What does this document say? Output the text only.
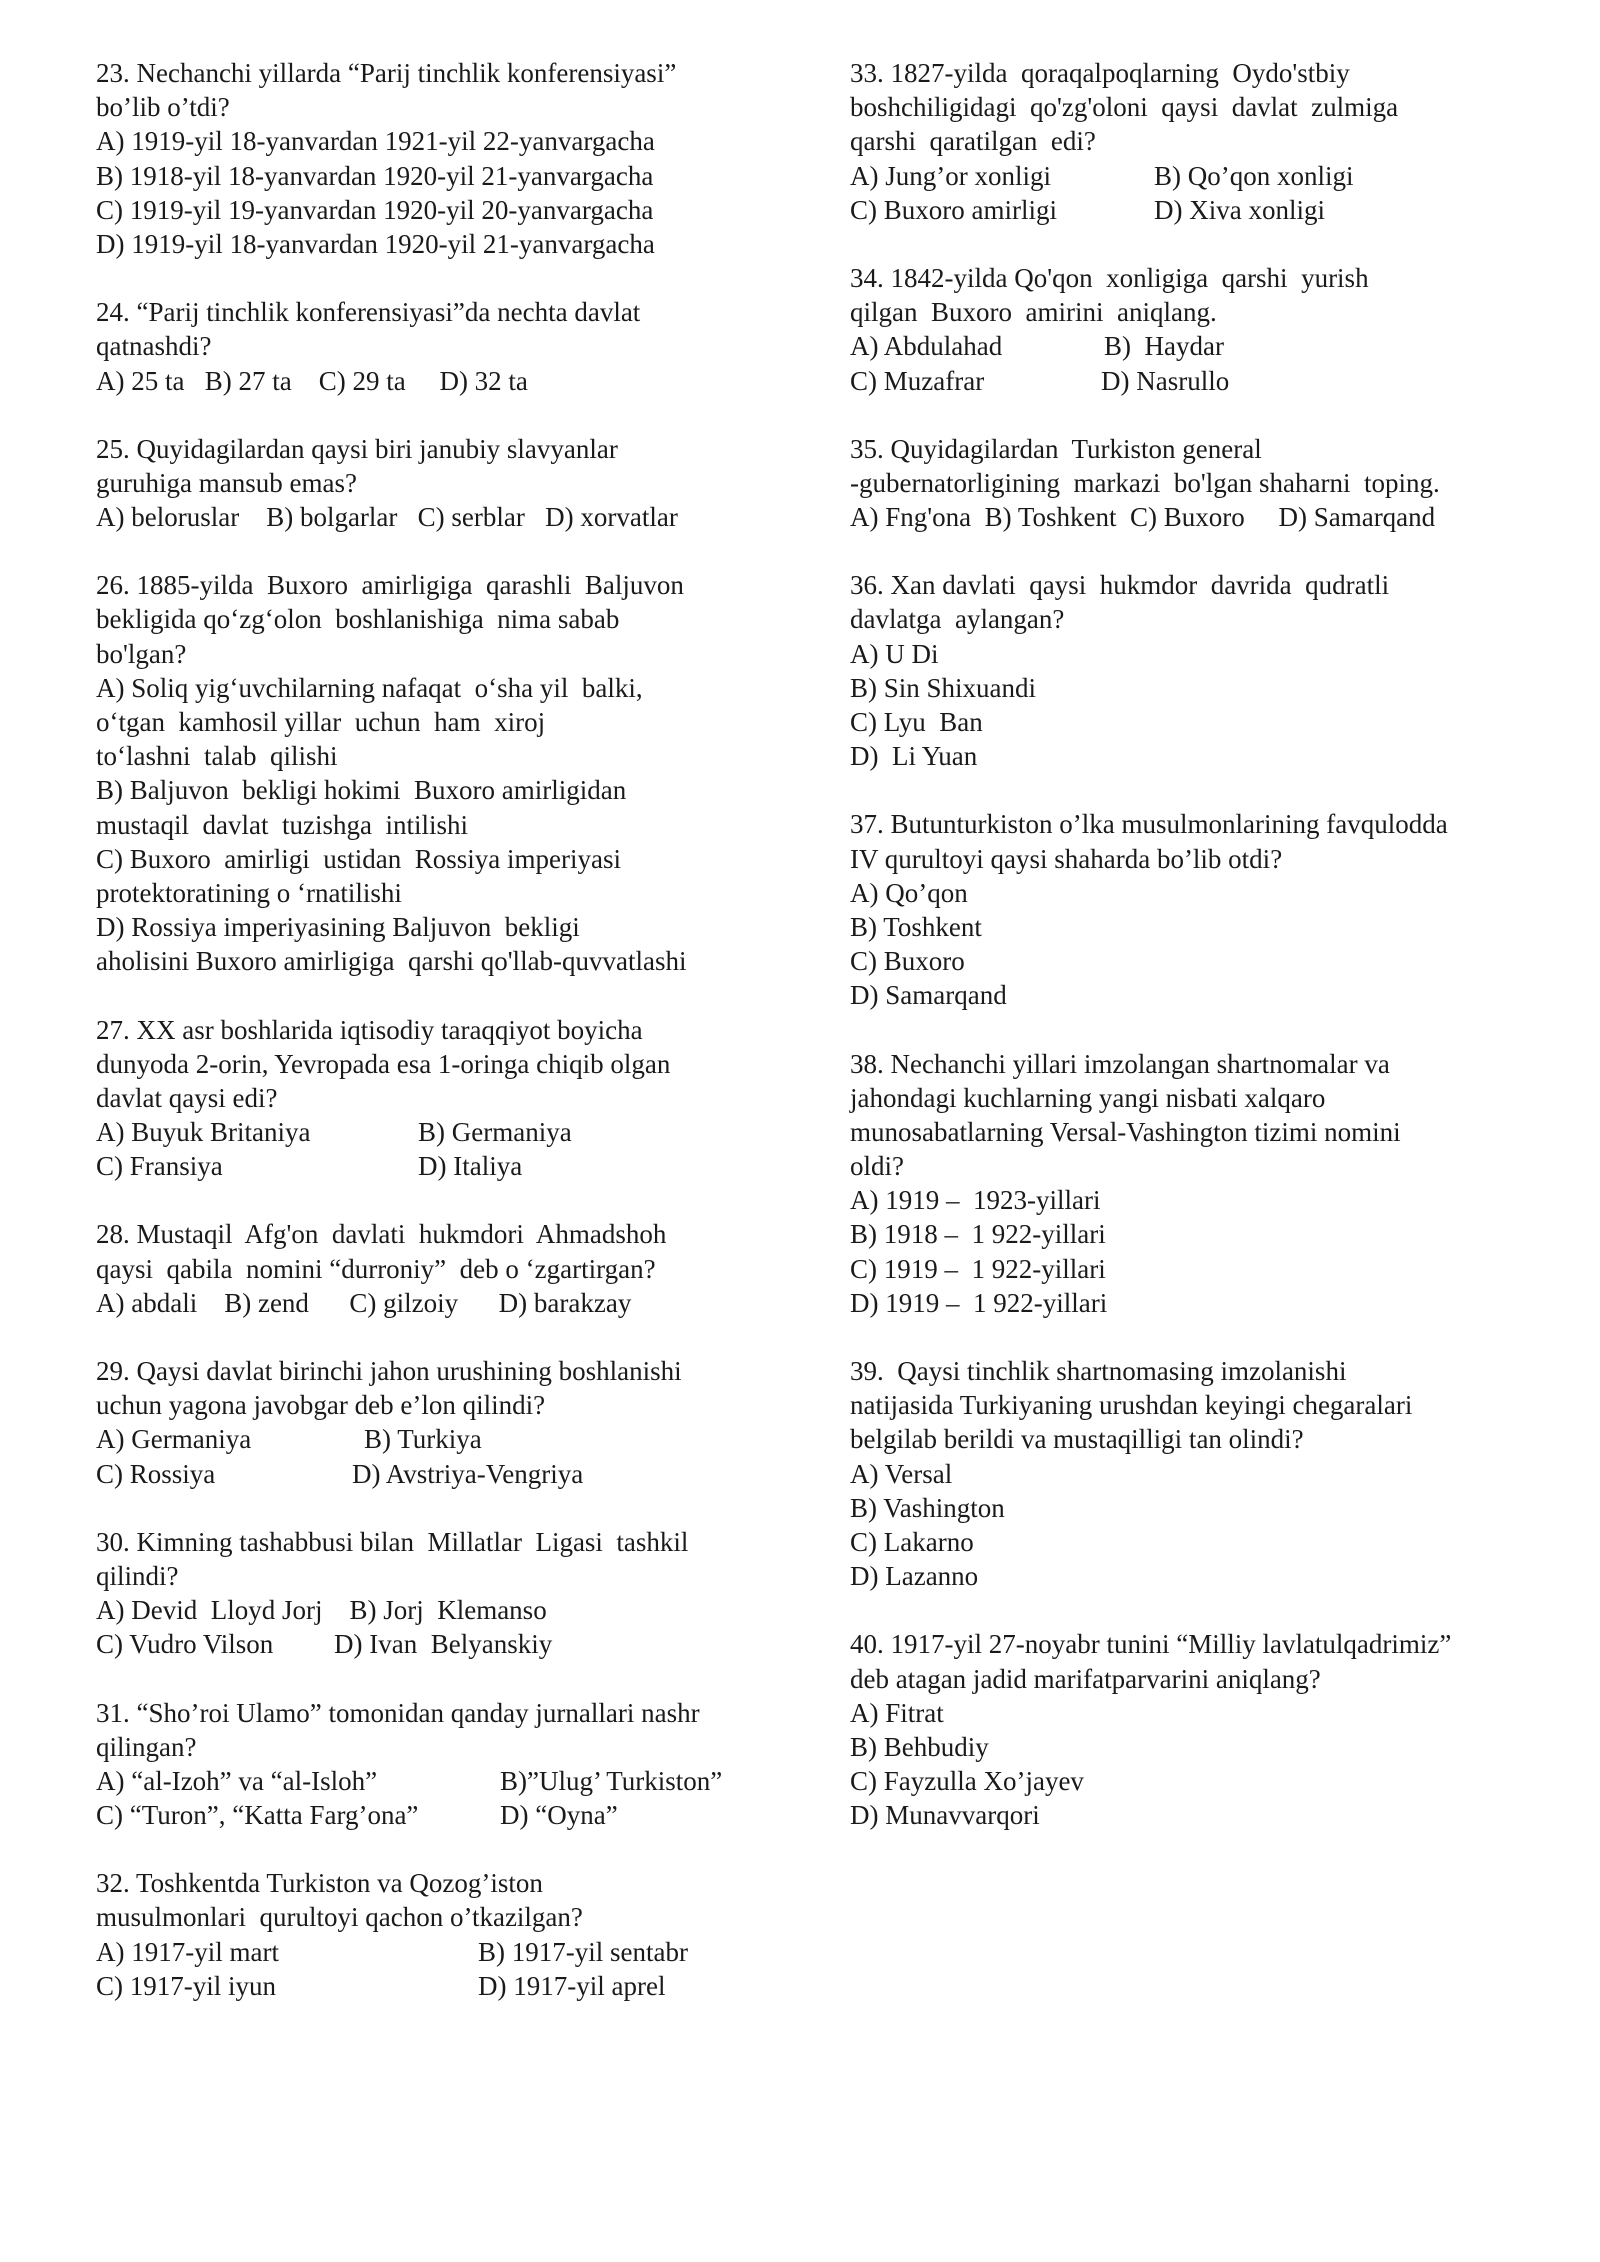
23. Nechanchi yillarda “Parij tinchlik konferensiyasi”
bo’lib o’tdi?
A) 1919-yil 18-yanvardan 1921-yil 22-yanvargacha
B) 1918-yil 18-yanvardan 1920-yil 21-yanvargacha
C) 1919-yil 19-yanvardan 1920-yil 20-yanvargacha
D) 1919-yil 18-yanvardan 1920-yil 21-yanvargacha
24. “Parij tinchlik konferensiyasi”da nechta davlat
qatnashdi?
A) 25 ta   B) 27 ta    C) 29 ta     D) 32 ta
25. Quyidagilardan qaysi biri janubiy slavyanlar
guruhiga mansub emas?
A) beloruslar    B) bolgarlar   C) serblar   D) xorvatlar
26. 1885-yilda  Buxoro  amirligiga  qarashli  Baljuvon
bekligida qo‘zg‘olon  boshlanishiga  nima sabab
bo'lgan?
A) Soliq yig‘uvchilarning nafaqat  o‘sha yil  balki,
o‘tgan  kamhosil yillar  uchun  ham  xiroj
to‘lashni  talab  qilishi
B) Baljuvon  bekligi hokimi  Buxoro amirligidan
mustaqil  davlat  tuzishga  intilishi
C) Buxoro  amirligi  ustidan  Rossiya imperiyasi
protektoratining o ‘rnatilishi
D) Rossiya imperiyasining Baljuvon  bekligi
aholisini Buxoro amirligiga  qarshi qo'llab-quvvatlashi
27. XX asr boshlarida iqtisodiy taraqqiyot boyicha
dunyoda 2-orin, Yevropada esa 1-oringa chiqib olgan
davlat qaysi edi?
A) Buyuk Britaniya	B) Germaniya
C) Fransiya	D) Italiya
28. Mustaqil  Afg'on  davlati  hukmdori  Ahmadshoh
qaysi  qabila  nomini “durroniy”  deb o ‘zgartirgan?
A) abdali    B) zend      C) gilzoiy      D) barakzay
29. Qaysi davlat birinchi jahon urushining boshlanishi
uchun yagona javobgar deb e’lon qilindi?
A) Germaniya	B) Turkiya
C) Rossiya	D) Avstriya-Vengriya
30. Kimning tashabbusi bilan  Millatlar  Ligasi  tashkil
qilindi?
A) Devid  Lloyd Jorj    B) Jorj  Klemanso
C) Vudro Vilson         D) Ivan  Belyanskiy
31. “Sho’roi Ulamo” tomonidan qanday jurnallari nashr
qilingan?
A) “al-Izoh” va “al-Isloh”	B)”Ulug’ Turkiston”
C) “Turon”, “Katta Farg’ona”	D) “Oyna”
32. Toshkentda Turkiston va Qozog’iston
musulmonlari  qurultoyi qachon o’tkazilgan?
A) 1917-yil mart	B) 1917-yil sentabr
C) 1917-yil iyun	D) 1917-yil aprel
33. 1827-yilda  qoraqalpoqlarning  Oydo'stbiy
boshchiligidagi  qo'zg'oloni  qaysi  davlat  zulmiga
qarshi  qaratilgan  edi?
A) Jung’or xonligi	B) Qo’qon xonligi
C) Buxoro amirligi	D) Xiva xonligi
34. 1842-yilda Qo'qon  xonligiga  qarshi  yurish
qilgan  Buxoro  amirini  aniqlang.
A) Abdulahad	B)  Haydar
C) Muzafrar	D) Nasrullo
35. Quyidagilardan  Turkiston general
-gubernatorligining  markazi  bo'lgan shaharni  toping.
A) Fng'ona  B) Toshkent  C) Buxoro     D) Samarqand
36. Xan davlati  qaysi  hukmdor  davrida  qudratli
davlatga  aylangan?
A) U Di
B) Sin Shixuandi
C) Lyu  Ban
D)  Li Yuan
37. Butunturkiston o’lka musulmonlarining favqulodda
IV qurultoyi qaysi shaharda bo’lib otdi?
A) Qo’qon
B) Toshkent
C) Buxoro
D) Samarqand
38. Nechanchi yillari imzolangan shartnomalar va
jahondagi kuchlarning yangi nisbati xalqaro
munosabatlarning Versal-Vashington tizimi nomini
oldi?
A) 1919 –  1923-yillari
B) 1918 –  1 922-yillari
C) 1919 –  1 922-yillari
D) 1919 –  1 922-yillari
39.  Qaysi tinchlik shartnomasing imzolanishi
natijasida Turkiyaning urushdan keyingi chegaralari
belgilab berildi va mustaqilligi tan olindi?
A) Versal
B) Vashington
C) Lakarno
D) Lazanno
40. 1917-yil 27-noyabr tunini “Milliy lavlatulqadrimiz”
deb atagan jadid marifatparvarini aniqlang?
A) Fitrat
B) Behbudiy
C) Fayzulla Xo’jayev
D) Munavvarqori
